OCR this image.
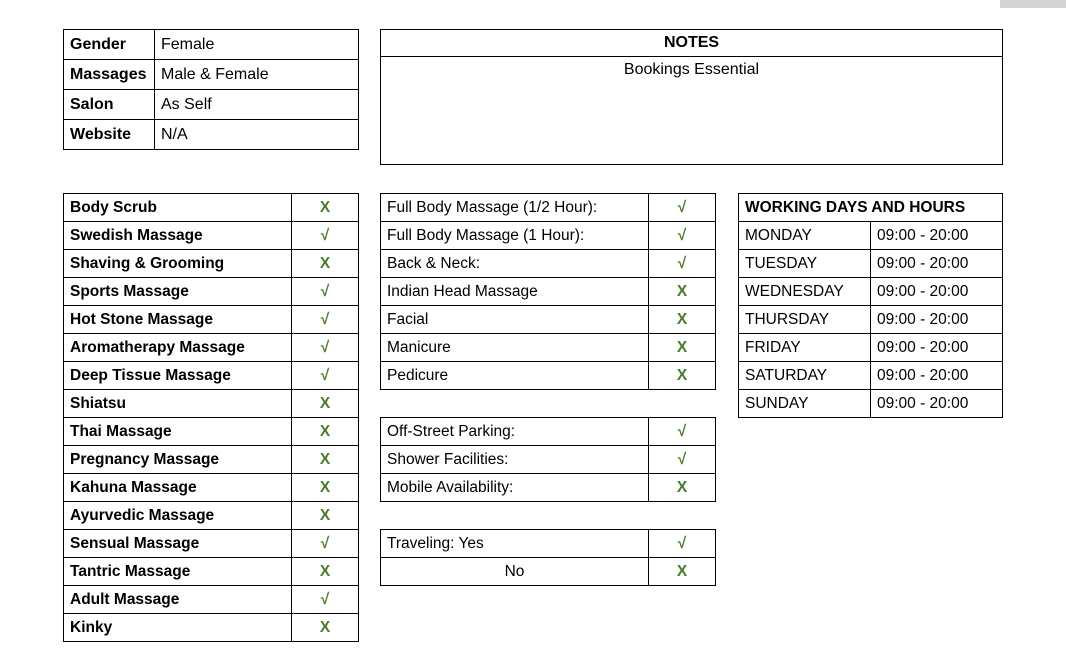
Gender	Female
Massages	Male & Female
Salon	As Self
Website	N/A
NOTES
Bookings Essential
Body Scrub	X
Swedish Massage	√
Shaving & Grooming	X
Sports Massage	√
Hot Stone Massage	√
Aromatherapy Massage	√
Deep Tissue Massage	√
Shiatsu	X
Thai Massage	X
Pregnancy Massage	X
Kahuna Massage	X
Ayurvedic Massage	X
Sensual Massage	√
Tantric Massage	X
Adult Massage	√
Kinky	X
Full Body Massage (1/2 Hour):	√
Full Body Massage (1 Hour):	√
Back & Neck:	√
Indian Head Massage	X
Facial	X
Manicure	X
Pedicure	X
Off-Street Parking:	√
Shower Facilities:	√
Mobile Availability:	X
Traveling: Yes	√
No	X
WORKING DAYS AND HOURS	
MONDAY	09:00 - 20:00
TUESDAY	09:00 - 20:00
WEDNESDAY	09:00 - 20:00
THURSDAY	09:00 - 20:00
FRIDAY	09:00 - 20:00
SATURDAY	09:00 - 20:00
SUNDAY	09:00 - 20:00
